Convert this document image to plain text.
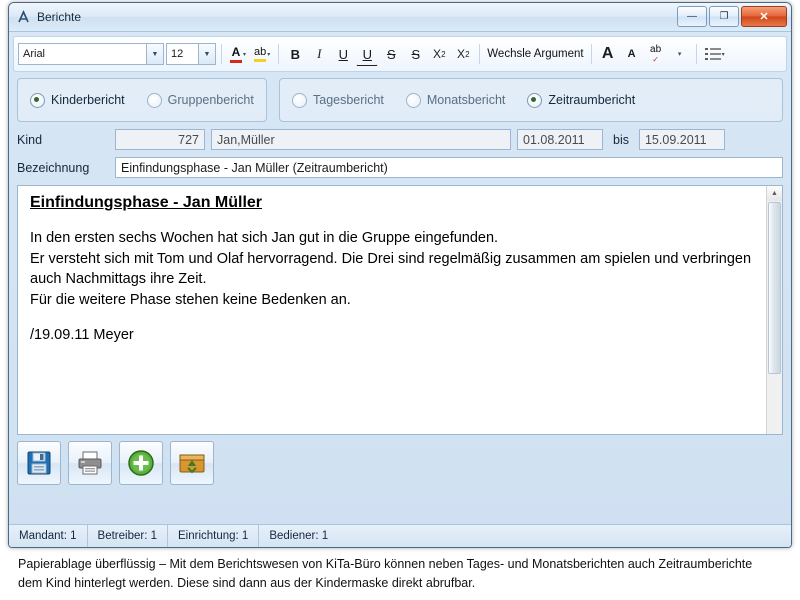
Berichte	—	❐	✕
Arial	▼	12	▼	A
▾ ab
▾	B	I	U	U	S	S	X 2 X 2 Wechsle Argument	A	A	ab
✓
▾
▾
Kinderbericht	Gruppenbericht	Tagesbericht	Monatsbericht	Zeitraumbericht
Kind	727	Jan,Müller	01.08.2011	bis	15.09.2011
Bezeichnung	Einfindungsphase - Jan Müller (Zeitraumbericht)
Einfindungsphase - Jan Müller

In den ersten sechs Wochen hat sich Jan gut in die Gruppe eingefunden.

Er versteht sich mit Tom und Olaf hervorragend. Die Drei sind regelmäßig zusammen am spielen und verbringen auch Nachmittags ihre Zeit.

Für die weitere Phase stehen keine Bedenken an.

/19.09.11 Meyer

▲
Mandant: 1	Betreiber: 1	Einrichtung: 1	Bediener: 1
Papierablage überflüssig – Mit dem Berichtswesen von KiTa-Büro können neben Tages- und Monatsberichten auch Zeitraumberichte dem Kind hinterlegt werden. Diese sind dann aus der Kindermaske direkt abrufbar.
